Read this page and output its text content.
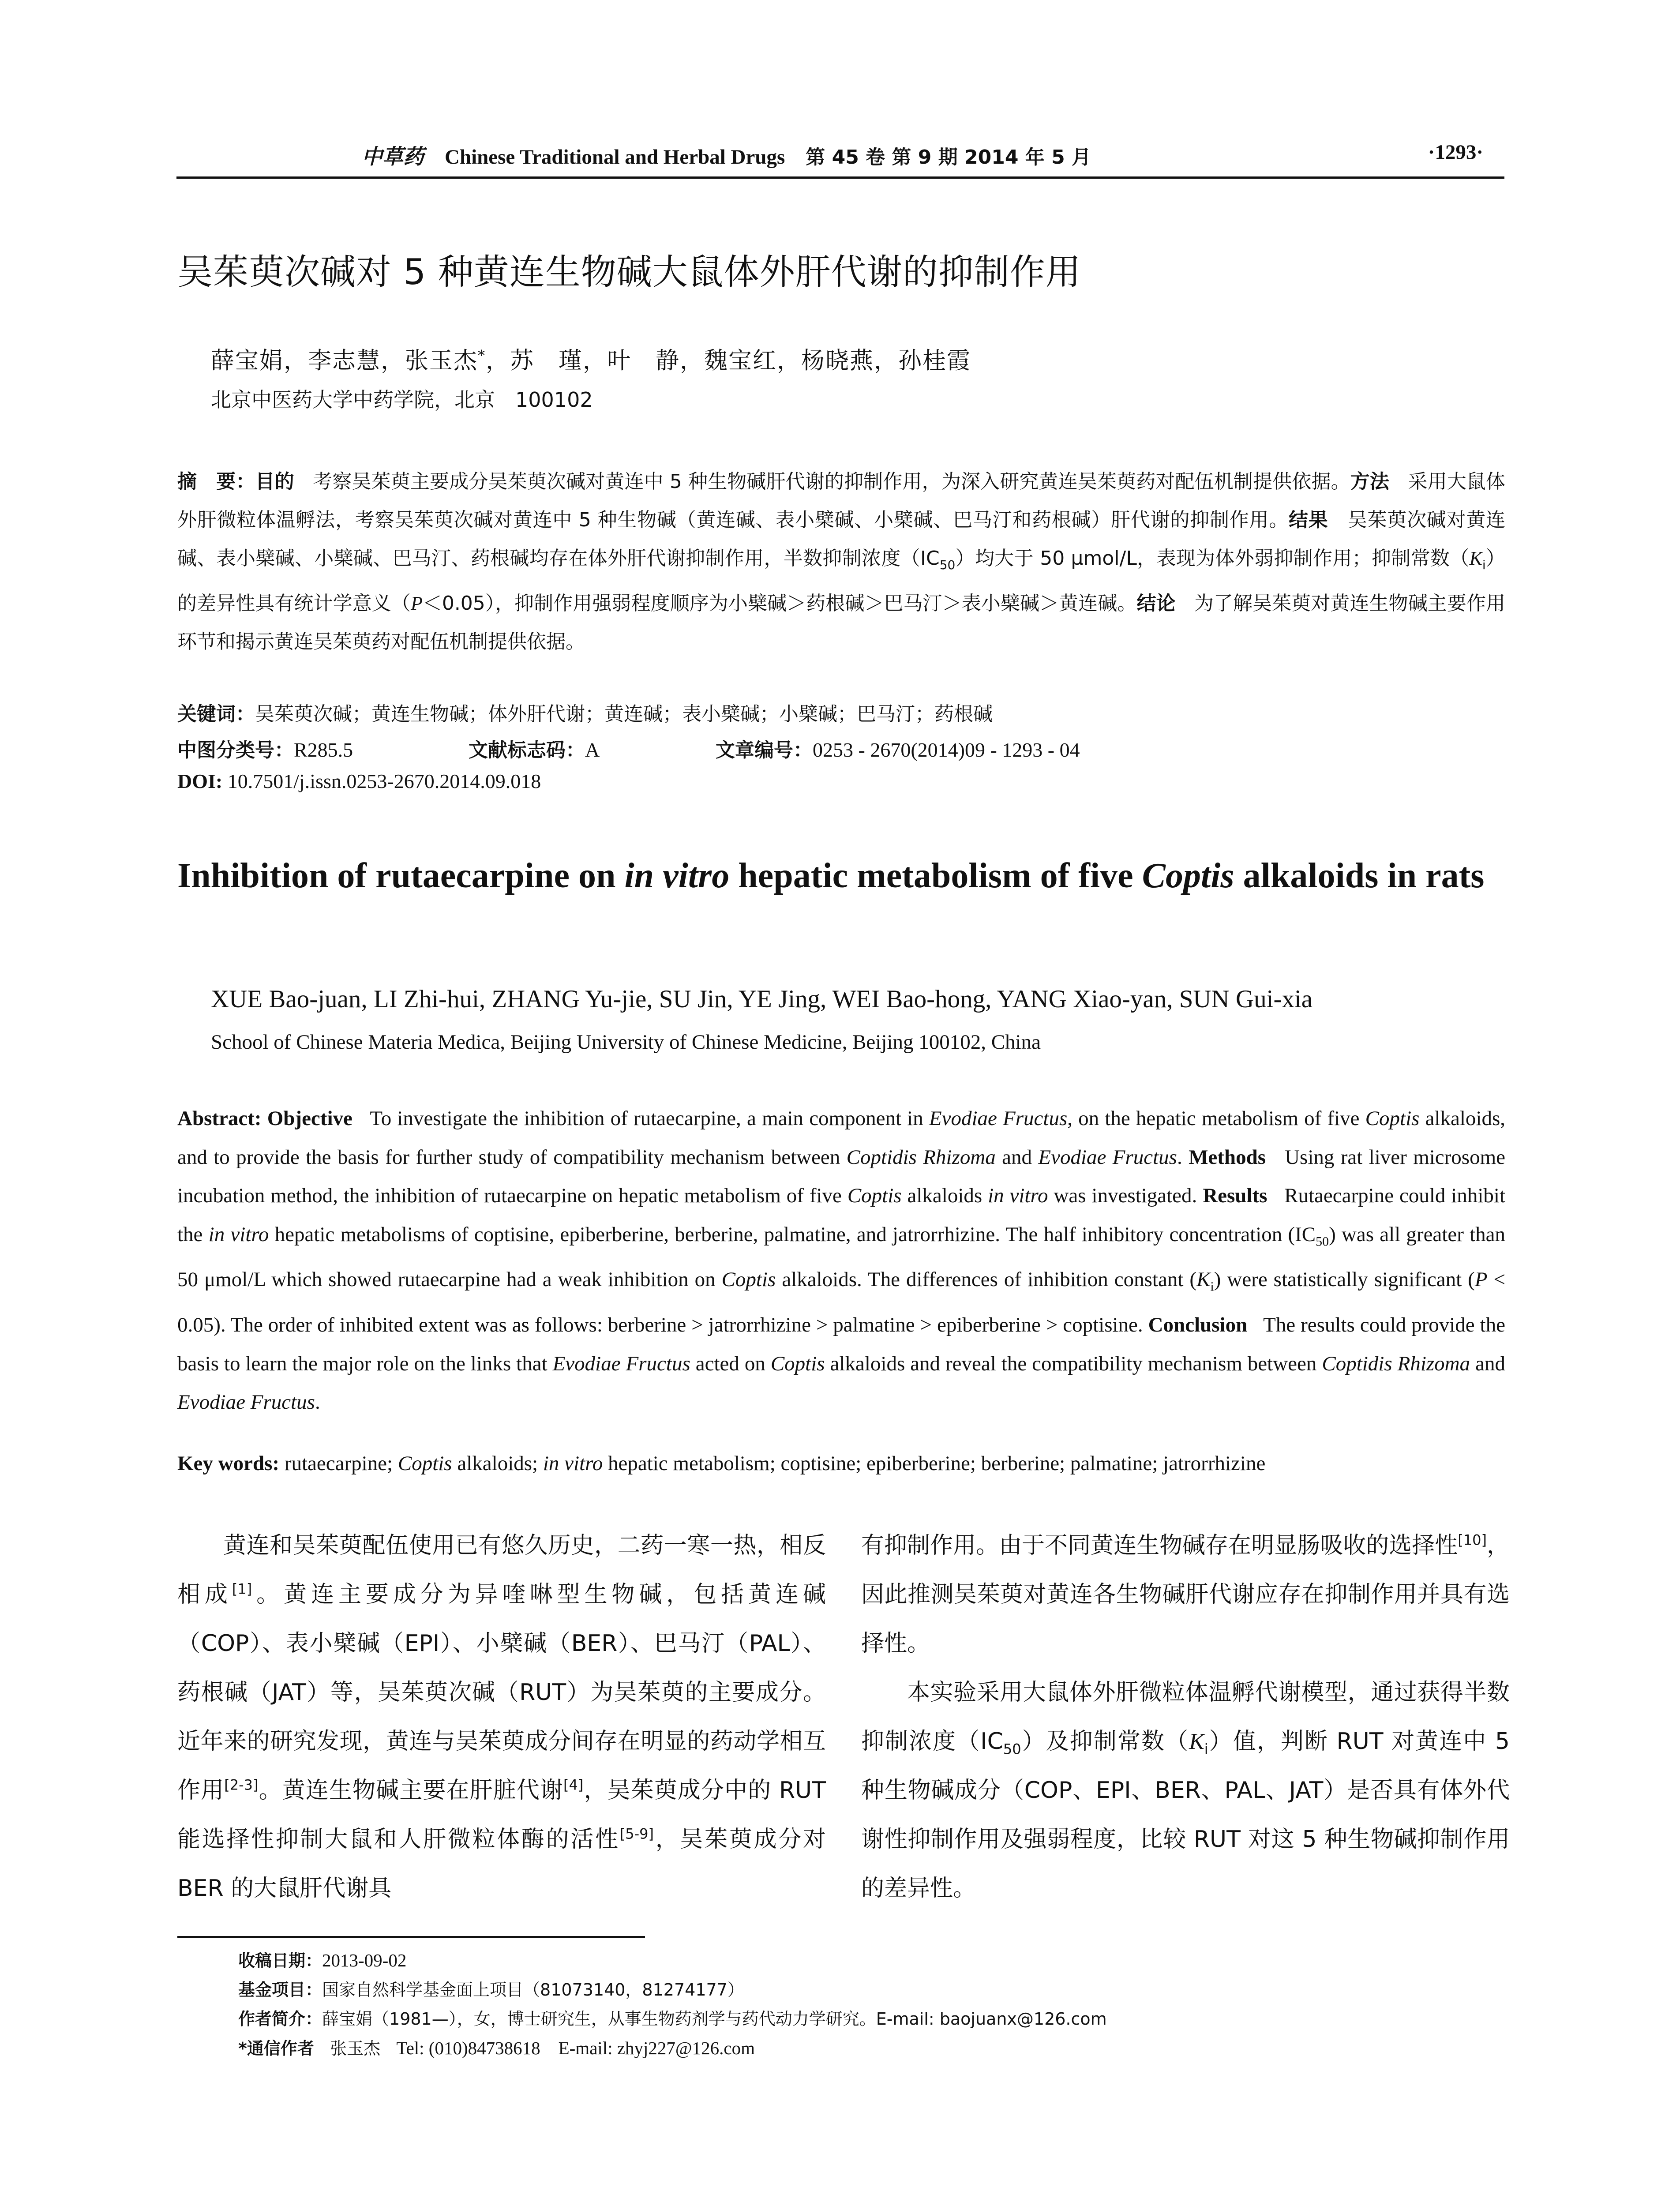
中草药 Chinese Traditional and Herbal Drugs 第 45 卷 第 9 期 2014 年 5 月	·1293·
吴茱萸次碱对 5 种黄连生物碱大鼠体外肝代谢的抑制作用
薛宝娟，李志慧，张玉杰*，苏　瑾，叶　静，魏宝红，杨晓燕，孙桂霞
北京中医药大学中药学院，北京　100102
摘　要：目的 考察吴茱萸主要成分吴茱萸次碱对黄连中 5 种生物碱肝代谢的抑制作用，为深入研究黄连吴茱萸药对配伍机制提供依据。方法 采用大鼠体外肝微粒体温孵法，考察吴茱萸次碱对黄连中 5 种生物碱（黄连碱、表小檗碱、小檗碱、巴马汀和药根碱）肝代谢的抑制作用。结果 吴茱萸次碱对黄连碱、表小檗碱、小檗碱、巴马汀、药根碱均存在体外肝代谢抑制作用，半数抑制浓度$(IC_{50})$均大于 50 μmol/L，表现为体外弱抑制作用；抑制常数$(K_i)$的差异性具有统计学意义（P＜0.05），抑制作用强弱程度顺序为小檗碱＞药根碱＞巴马汀＞表小檗碱＞黄连碱。结论 为了解吴茱萸对黄连生物碱主要作用环节和揭示黄连吴茱萸药对配伍机制提供依据。
关键词：吴茱萸次碱；黄连生物碱；体外肝代谢；黄连碱；表小檗碱；小檗碱；巴马汀；药根碱
中图分类号：R285.5	文献标志码：A	文章编号：0253 - 2670(2014)09 - 1293 - 04
DOI: 10.7501/j.issn.0253-2670.2014.09.018
Inhibition of rutaecarpine on in vitro hepatic metabolism of five Coptis alkaloids in rats
XUE Bao-juan, LI Zhi-hui, ZHANG Yu-jie, SU Jin, YE Jing, WEI Bao-hong, YANG Xiao-yan, SUN Gui-xia
School of Chinese Materia Medica, Beijing University of Chinese Medicine, Beijing 100102, China
Abstract: Objective To investigate the inhibition of rutaecarpine, a main component in Evodiae Fructus, on the hepatic metabolism of five Coptis alkaloids, and to provide the basis for further study of compatibility mechanism between Coptidis Rhizoma and Evodiae Fructus. Methods Using rat liver microsome incubation method, the inhibition of rutaecarpine on hepatic metabolism of five Coptis alkaloids in vitro was investigated. Results Rutaecarpine could inhibit the in vitro hepatic metabolisms of coptisine, epiberberine, berberine, palmatine, and jatrorrhizine. The half inhibitory concentration $(IC_{50})$ was all greater than 50 μmol/L which showed rutaecarpine had a weak inhibition on Coptis alkaloids. The differences of inhibition constant $(K_i)$ were statistically significant (P < 0.05). The order of inhibited extent was as follows: berberine > jatrorrhizine > palmatine > epiberberine > coptisine. Conclusion The results could provide the basis to learn the major role on the links that Evodiae Fructus acted on Coptis alkaloids and reveal the compatibility mechanism between Coptidis Rhizoma and Evodiae Fructus.
Key words: rutaecarpine; Coptis alkaloids; in vitro hepatic metabolism; coptisine; epiberberine; berberine; palmatine; jatrorrhizine

黄连和吴茱萸配伍使用已有悠久历史，二药一寒一热，相反相成[1]。黄连主要成分为异喹啉型生物碱，包括黄连碱（COP）、表小檗碱（EPI）、小檗碱（BER）、巴马汀（PAL）、药根碱（JAT）等，吴茱萸次碱（RUT）为吴茱萸的主要成分。近年来的研究发现，黄连与吴茱萸成分间存在明显的药动学相互作用[2-3]。黄连生物碱主要在肝脏代谢[4]，吴茱萸成分中的 RUT 能选择性抑制大鼠和人肝微粒体酶的活性[5-9]，吴茱萸成分对 BER 的大鼠肝代谢具

有抑制作用。由于不同黄连生物碱存在明显肠吸收的选择性[10]，因此推测吴茱萸对黄连各生物碱肝代谢应存在抑制作用并具有选择性。

本实验采用大鼠体外肝微粒体温孵代谢模型，通过获得半数抑制浓度$(IC_{50})$及抑制常数$(K_i)$值，判断 RUT 对黄连中 5 种生物碱成分（COP、EPI、BER、PAL、JAT）是否具有体外代谢性抑制作用及强弱程度，比较 RUT 对这 5 种生物碱抑制作用的差异性。

收稿日期：2013-09-02
基金项目：国家自然科学基金面上项目（81073140，81274177）
作者简介：薛宝娟（1981—），女，博士研究生，从事生物药剂学与药代动力学研究。E-mail: baojuanx@126.com
*通信作者 张玉杰 Tel: (010)84738618　E-mail: zhyj227@126.com
